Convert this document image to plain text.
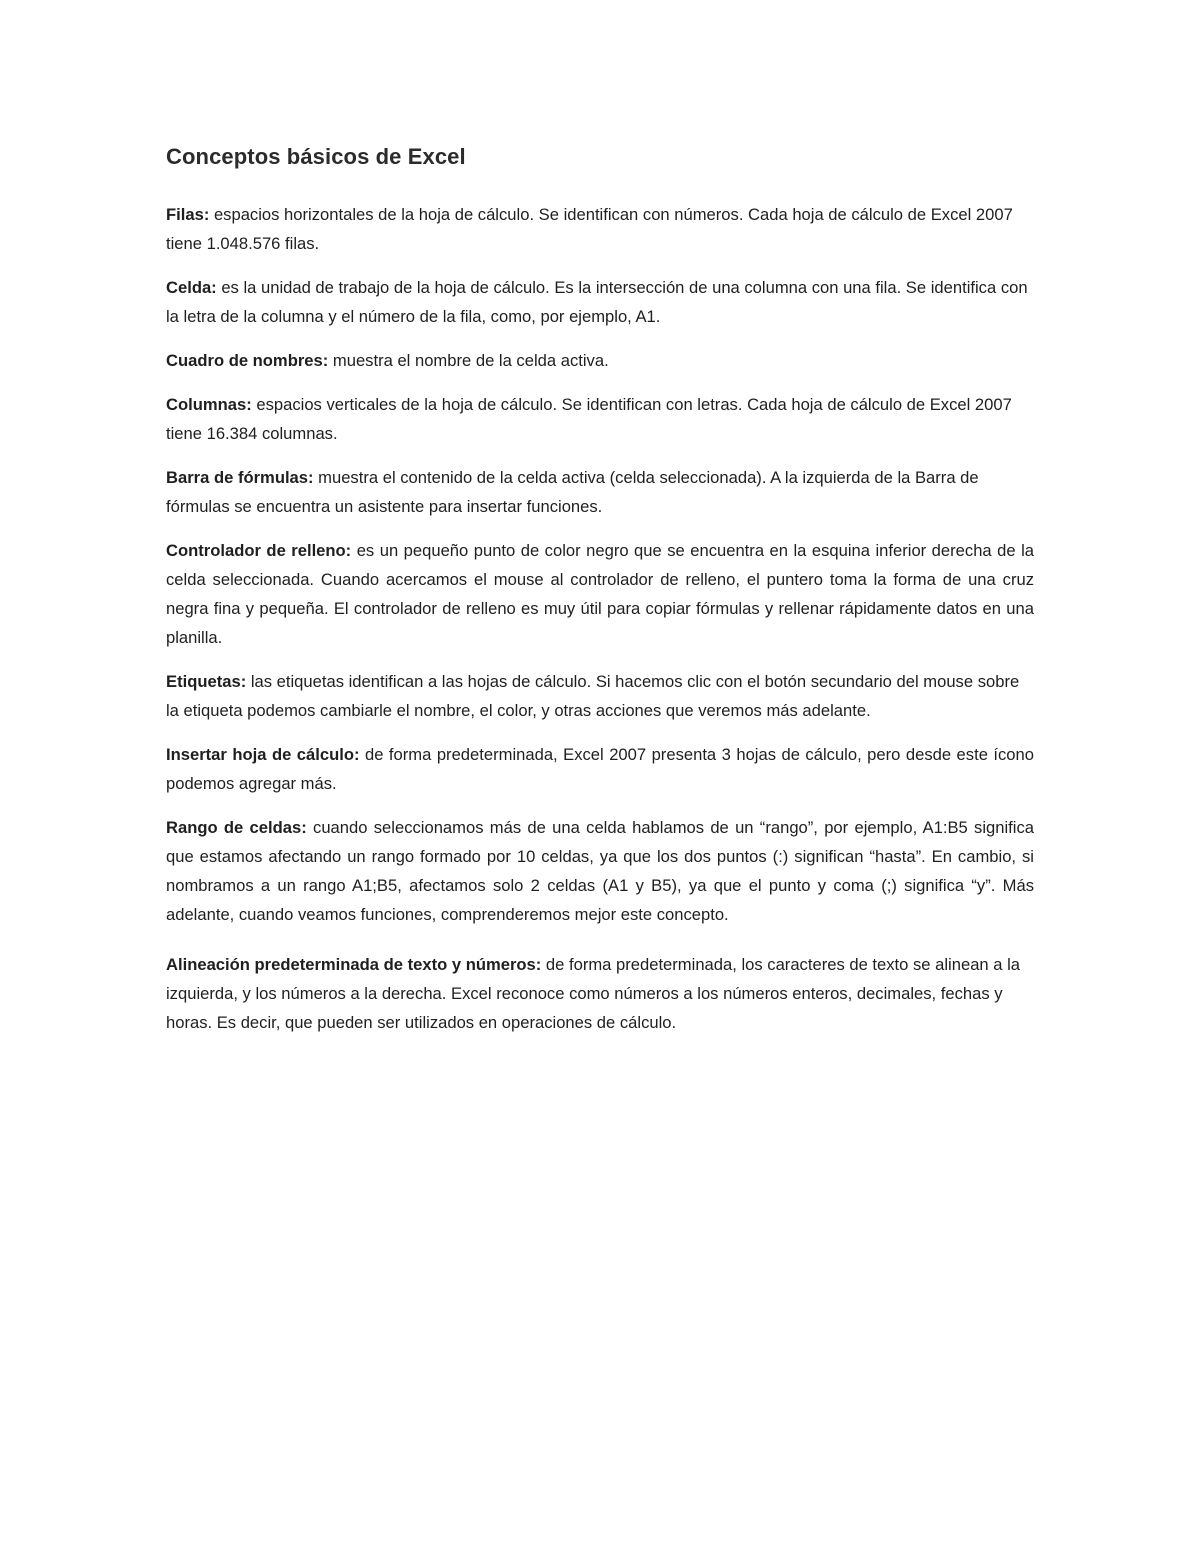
Conceptos básicos de Excel

Filas: espacios horizontales de la hoja de cálculo. Se identifican con números. Cada hoja de cálculo de Excel 2007 tiene 1.048.576 filas.

Celda: es la unidad de trabajo de la hoja de cálculo. Es la intersección de una columna con una fila. Se identifica con la letra de la columna y el número de la fila, como, por ejemplo, A1.

Cuadro de nombres: muestra el nombre de la celda activa.

Columnas: espacios verticales de la hoja de cálculo. Se identifican con letras. Cada hoja de cálculo de Excel 2007 tiene 16.384 columnas.

Barra de fórmulas: muestra el contenido de la celda activa (celda seleccionada). A la izquierda de la Barra de fórmulas se encuentra un asistente para insertar funciones.

Controlador de relleno: es un pequeño punto de color negro que se encuentra en la esquina inferior derecha de la celda seleccionada. Cuando acercamos el mouse al controlador de relleno, el puntero toma la forma de una cruz negra fina y pequeña. El controlador de relleno es muy útil para copiar fórmulas y rellenar rápidamente datos en una planilla.

Etiquetas: las etiquetas identifican a las hojas de cálculo. Si hacemos clic con el botón secundario del mouse sobre la etiqueta podemos cambiarle el nombre, el color, y otras acciones que veremos más adelante.

Insertar hoja de cálculo: de forma predeterminada, Excel 2007 presenta 3 hojas de cálculo, pero desde este ícono podemos agregar más.

Rango de celdas: cuando seleccionamos más de una celda hablamos de un “rango”, por ejemplo, A1:B5 significa que estamos afectando un rango formado por 10 celdas, ya que los dos puntos (:) significan “hasta”. En cambio, si nombramos a un rango A1;B5, afectamos solo 2 celdas (A1 y B5), ya que el punto y coma (;) significa “y”. Más adelante, cuando veamos funciones, comprenderemos mejor este concepto.

Alineación predeterminada de texto y números: de forma predeterminada, los caracteres de texto se alinean a la izquierda, y los números a la derecha. Excel reconoce como números a los números enteros, decimales, fechas y horas. Es decir, que pueden ser utilizados en operaciones de cálculo.
